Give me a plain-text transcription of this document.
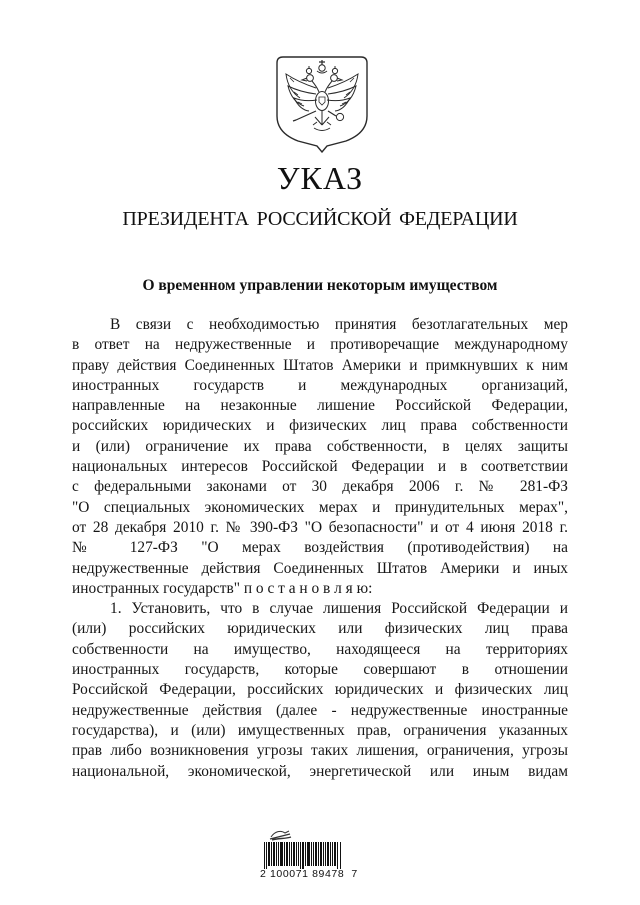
УКАЗ
ПРЕЗИДЕНТА РОССИЙСКОЙ ФЕДЕРАЦИИ
О временном управлении некоторым имуществом
В связи с необходимостью принятия безотлагательных мер
в ответ на недружественные и противоречащие международному
праву действия Соединенных Штатов Америки и примкнувших к ним
иностранных государств и международных организаций,
направленные на незаконные лишение Российской Федерации,
российских юридических и физических лиц права собственности
и (или) ограничение их права собственности, в целях защиты
национальных интересов Российской Федерации и в соответствии
с федеральными законами от 30 декабря 2006 г. № 281-ФЗ
"О специальных экономических мерах и принудительных мерах",
от 28 декабря 2010 г. № 390-ФЗ "О безопасности" и от 4 июня 2018 г.
№ 127-ФЗ "О мерах воздействия (противодействия) на
недружественные действия Соединенных Штатов Америки и иных
иностранных государств" п о с т а н о в л я ю:
1. Установить, что в случае лишения Российской Федерации и
(или) российских юридических или физических лиц права
собственности на имущество, находящееся на территориях
иностранных государств, которые совершают в отношении
Российской Федерации, российских юридических и физических лиц
недружественные действия (далее - недружественные иностранные
государства), и (или) имущественных прав, ограничения указанных
прав либо возникновения угрозы таких лишения, ограничения, угрозы
национальной, экономической, энергетической или иным видам
2 100071 89478  7
